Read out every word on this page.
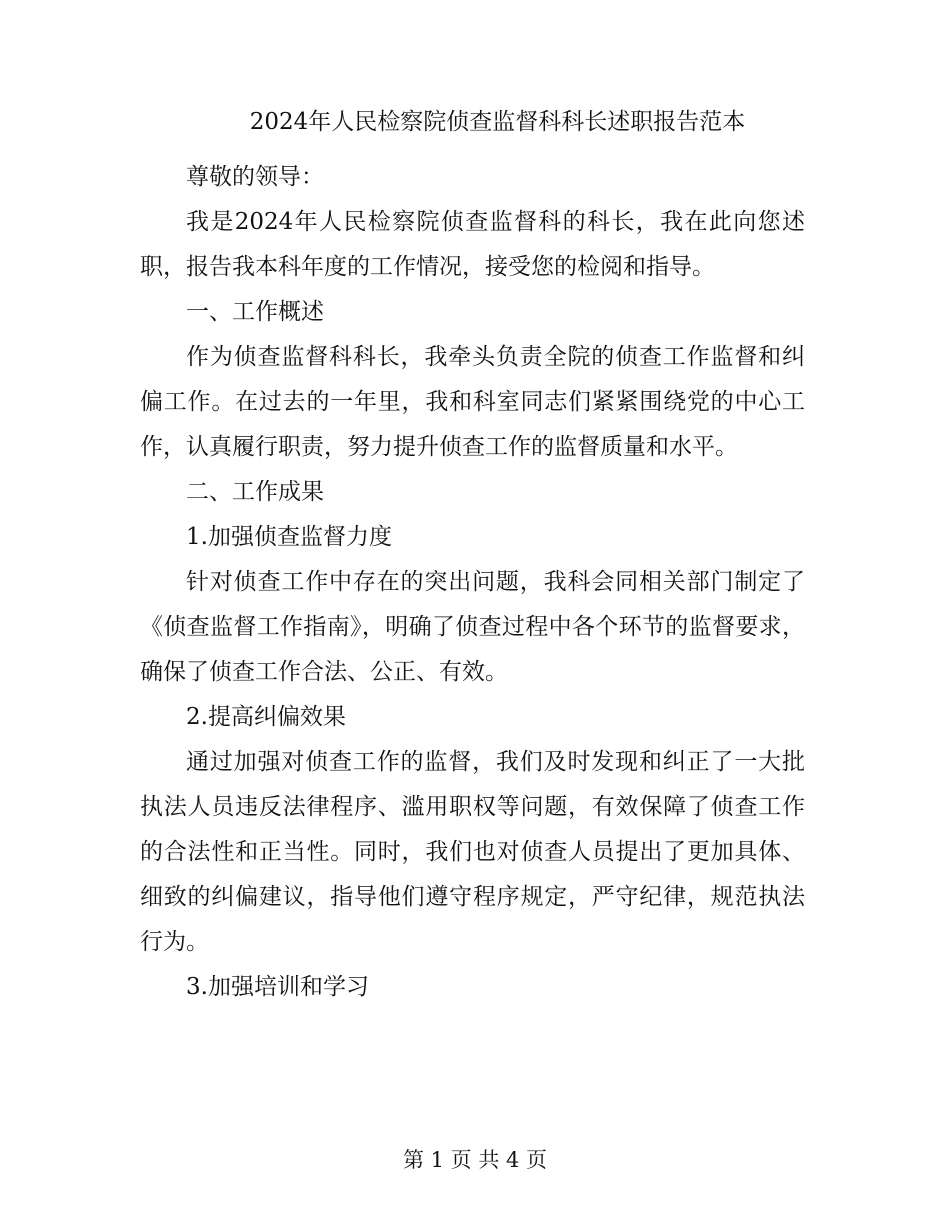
2024年人民检察院侦查监督科科长述职报告范本

尊敬的领导：

我是2024年人民检察院侦查监督科的科长，我在此向您述职，报告我本科年度的工作情况，接受您的检阅和指导。

一、工作概述

作为侦查监督科科长，我牵头负责全院的侦查工作监督和纠偏工作。在过去的一年里，我和科室同志们紧紧围绕党的中心工作，认真履行职责，努力提升侦查工作的监督质量和水平。

二、工作成果

1.加强侦查监督力度

针对侦查工作中存在的突出问题，我科会同相关部门制定了《侦查监督工作指南》，明确了侦查过程中各个环节的监督要求，确保了侦查工作合法、公正、有效。

2.提高纠偏效果

通过加强对侦查工作的监督，我们及时发现和纠正了一大批执法人员违反法律程序、滥用职权等问题，有效保障了侦查工作的合法性和正当性。同时，我们也对侦查人员提出了更加具体、细致的纠偏建议，指导他们遵守程序规定，严守纪律，规范执法行为。

3.加强培训和学习

第 1 页 共 4 页
